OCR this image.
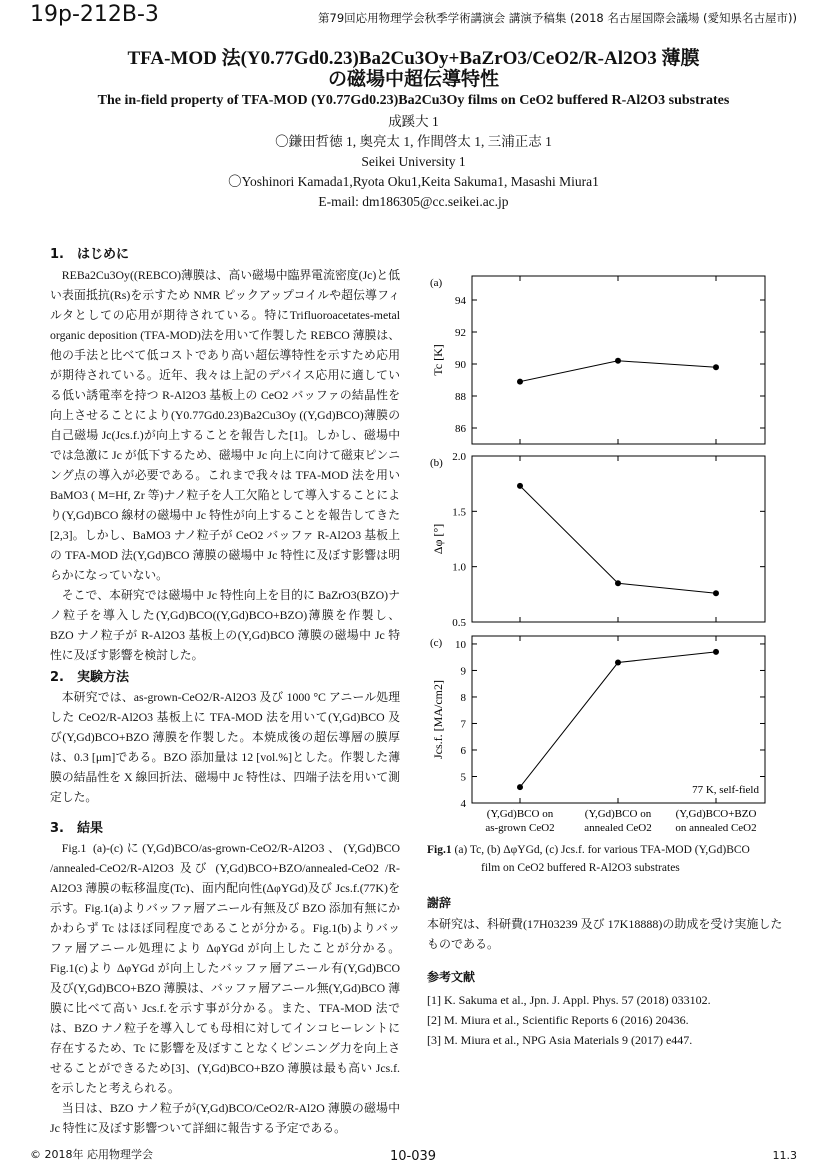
19p-212B-3	第79回応用物理学会秋季学術講演会 講演予稿集 (2018 名古屋国際会議場 (愛知県名古屋市))
TFA-MOD 法(Y0.77Gd0.23)Ba2Cu3Oy+BaZrO3/CeO2/R-Al2O3 薄膜
の磁場中超伝導特性
The in-field property of TFA-MOD (Y0.77Gd0.23)Ba2Cu3Oy films on CeO2 buffered R-Al2O3 substrates
成蹊大 1
〇鎌田哲徳 1, 奥亮太 1, 作間啓太 1, 三浦正志 1
Seikei University 1
〇Yoshinori Kamada1,Ryota Oku1,Keita Sakuma1, Masashi Miura1
E-mail: dm186305@cc.seikei.ac.jp
1.　はじめに

REBa2Cu3Oy((REBCO)薄膜は、高い磁場中臨界電流密度(Jc)と低い表面抵抗(Rs)を示すため NMR ピックアップコイルや超伝導フィルタとしての応用が期待されている。特にTrifluoroacetates-metal organic deposition (TFA-MOD)法を用いて作製した REBCO 薄膜は、他の手法と比べて低コストであり高い超伝導特性を示すため応用が期待されている。近年、我々は上記のデバイス応用に適している低い誘電率を持つ R-Al2O3 基板上の CeO2 バッファの結晶性を向上させることにより(Y0.77Gd0.23)Ba2Cu3Oy ((Y,Gd)BCO)薄膜の自己磁場 Jc(Jcs.f.)が向上することを報告した[1]。しかし、磁場中では急激に Jc が低下するため、磁場中 Jc 向上に向けて磁束ピンニング点の導入が必要である。これまで我々は TFA-MOD 法を用い BaMO3 ( M=Hf, Zr 等)ナノ粒子を人工欠陥として導入することにより(Y,Gd)BCO 線材の磁場中 Jc 特性が向上することを報告してきた[2,3]。しかし、BaMO3 ナノ粒子が CeO2 バッファ R-Al2O3 基板上の TFA-MOD 法(Y,Gd)BCO 薄膜の磁場中 Jc 特性に及ぼす影響は明らかになっていない。

そこで、本研究では磁場中 Jc 特性向上を目的に BaZrO3(BZO)ナノ粒子を導入した(Y,Gd)BCO((Y,Gd)BCO+BZO)薄膜を作製し、BZO ナノ粒子が R-Al2O3 基板上の(Y,Gd)BCO 薄膜の磁場中 Jc 特性に及ぼす影響を検討した。

2.　実験方法

本研究では、as-grown-CeO2/R-Al2O3 及び 1000 °C アニール処理した CeO2/R-Al2O3 基板上に TFA-MOD 法を用いて(Y,Gd)BCO 及び(Y,Gd)BCO+BZO 薄膜を作製した。本焼成後の超伝導層の膜厚は、0.3 [μm]である。BZO 添加量は 12 [vol.%]とした。作製した薄膜の結晶性を X 線回折法、磁場中 Jc 特性は、四端子法を用いて測定した。

3.　結果

Fig.1 (a)-(c)に(Y,Gd)BCO/as-grown-CeO2/R-Al2O3、(Y,Gd)BCO /annealed-CeO2/R-Al2O3 及び (Y,Gd)BCO+BZO/annealed-CeO2 /R-Al2O3 薄膜の転移温度(Tc)、面内配向性(ΔφYGd)及び Jcs.f.(77K)を示す。Fig.1(a)よりバッファ層アニール有無及び BZO 添加有無にかかわらず Tc はほぼ同程度であることが分かる。Fig.1(b)よりバッファ層アニール処理により ΔφYGd が向上したことが分かる。Fig.1(c)より ΔφYGd が向上したバッファ層アニール有(Y,Gd)BCO 及び(Y,Gd)BCO+BZO 薄膜は、バッファ層アニール無(Y,Gd)BCO 薄膜に比べて高い Jcs.f.を示す事が分かる。また、TFA-MOD 法では、BZO ナノ粒子を導入しても母相に対してインコヒーレントに存在するため、Tc に影響を及ぼすことなくピンニング力を向上させることができるため[3]、(Y,Gd)BCO+BZO 薄膜は最も高い Jcs.f.を示したと考えられる。

当日は、BZO ナノ粒子が(Y,Gd)BCO/CeO2/R-Al2O 薄膜の磁場中 Jc 特性に及ぼす影響ついて詳細に報告する予定である。

(a)
86
88
90
92
94
Tc [K]
(b)
0.5
1.0
1.5
2.0
Δφ [°]
(c)
4
5
6
7
8
9
10
Jcs.f. [MA/cm2]
77 K, self-field
(Y,Gd)BCO on
as-grown CeO2
(Y,Gd)BCO on
annealed CeO2
(Y,Gd)BCO+BZO
on annealed CeO2
Fig.1 (a) Tc, (b) ΔφYGd, (c) Jcs.f. for various TFA-MOD (Y,Gd)BCO
film on CeO2 buffered R-Al2O3 substrates
謝辞
本研究は、科研費(17H03239 及び 17K18888)の助成を受け実施したものである。
参考文献
[1] K. Sakuma et al., Jpn. J. Appl. Phys. 57 (2018) 033102.
[2] M. Miura et al., Scientific Reports 6 (2016) 20436.
[3] M. Miura et al., NPG Asia Materials 9 (2017) e447.
© 2018年 応用物理学会	10-039	11.3
